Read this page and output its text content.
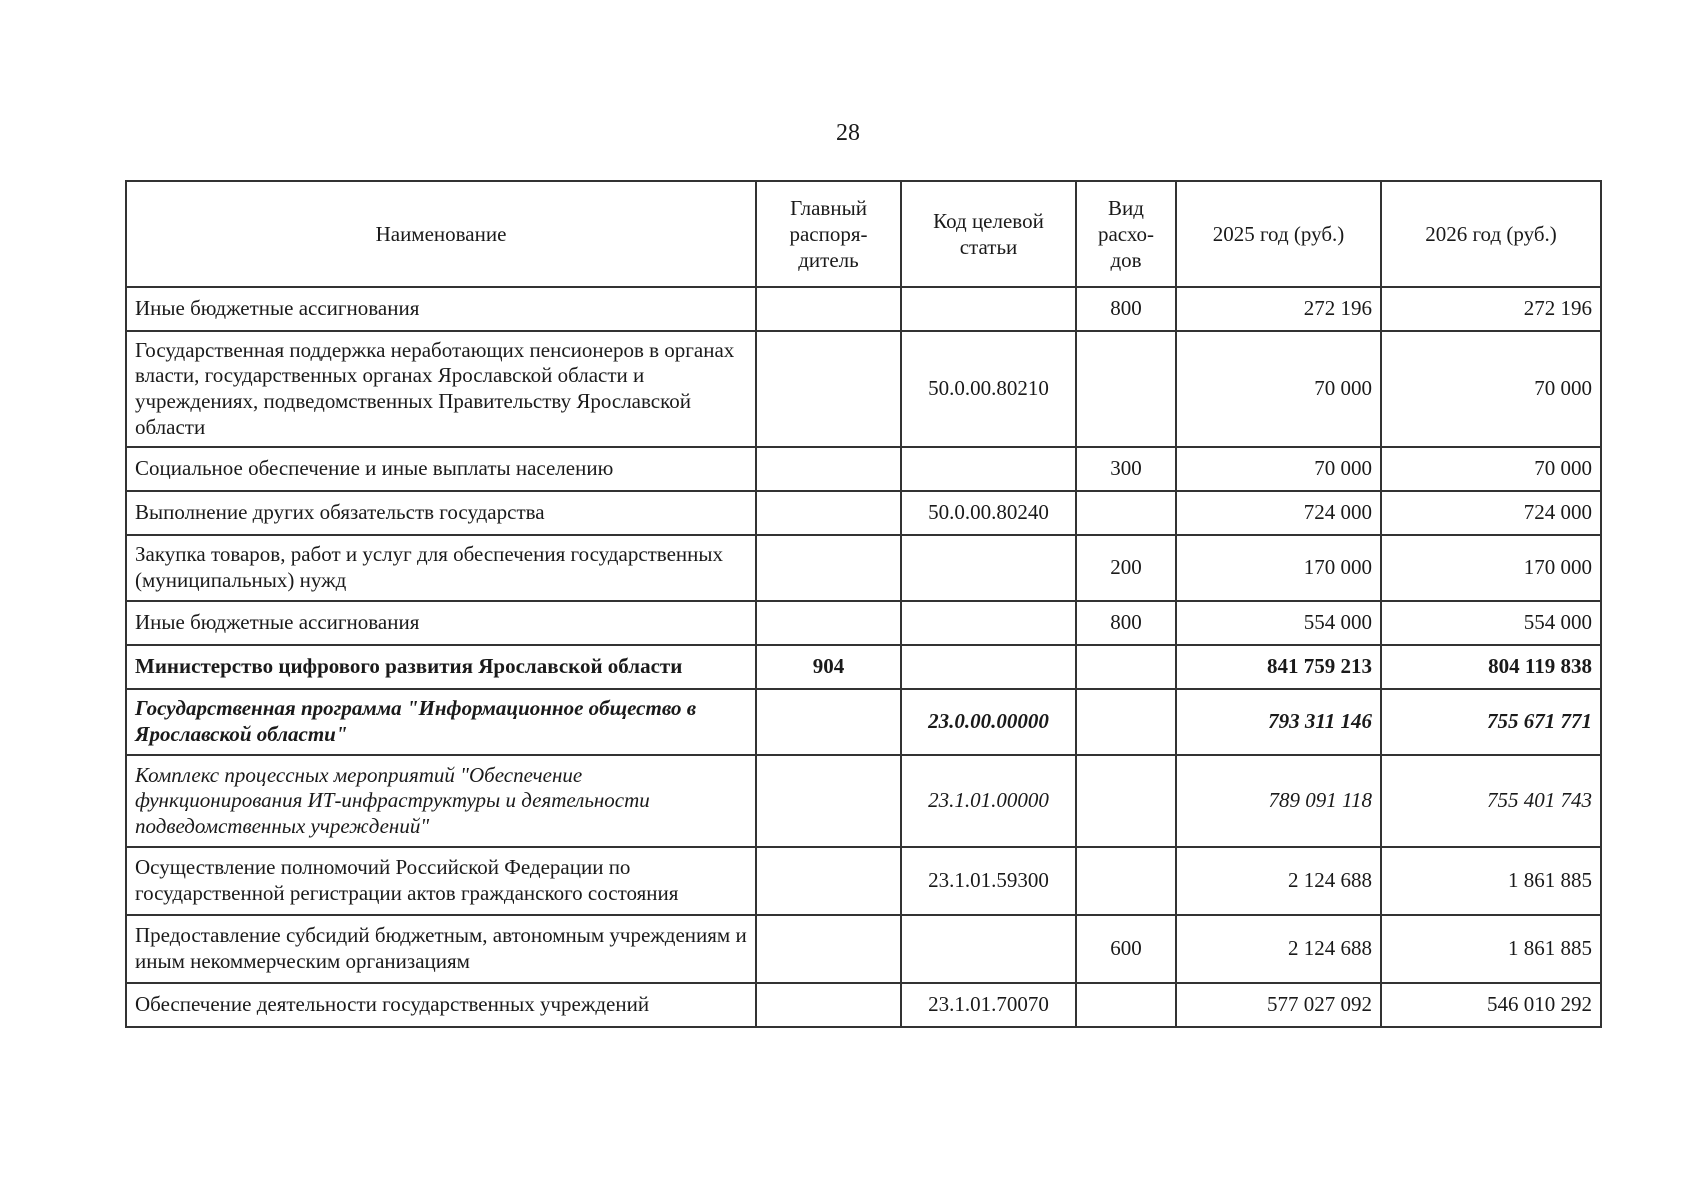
28
Наименование	Главный распоря-дитель	Код целевой статьи	Вид расхо-дов	2025 год (руб.)	2026 год (руб.)
Иные бюджетные ассигнования			800	272 196	272 196
Государственная поддержка неработающих пенсионеров в органах власти, государственных органах Ярославской области и учреждениях, подведомственных Правительству Ярославской области		50.0.00.80210		70 000	70 000
Социальное обеспечение и иные выплаты населению			300	70 000	70 000
Выполнение других обязательств государства		50.0.00.80240		724 000	724 000
Закупка товаров, работ и услуг для обеспечения государственных (муниципальных) нужд			200	170 000	170 000
Иные бюджетные ассигнования			800	554 000	554 000
Министерство цифрового развития Ярославской области	904			841 759 213	804 119 838
Государственная программа "Информационное общество в Ярославской области"		23.0.00.00000		793 311 146	755 671 771
Комплекс процессных мероприятий "Обеспечение функционирования ИТ-инфраструктуры и деятельности подведомственных учреждений"		23.1.01.00000		789 091 118	755 401 743
Осуществление полномочий Российской Федерации по государственной регистрации актов гражданского состояния		23.1.01.59300		2 124 688	1 861 885
Предоставление субсидий бюджетным, автономным учреждениям и иным некоммерческим организациям			600	2 124 688	1 861 885
Обеспечение деятельности государственных учреждений		23.1.01.70070		577 027 092	546 010 292
